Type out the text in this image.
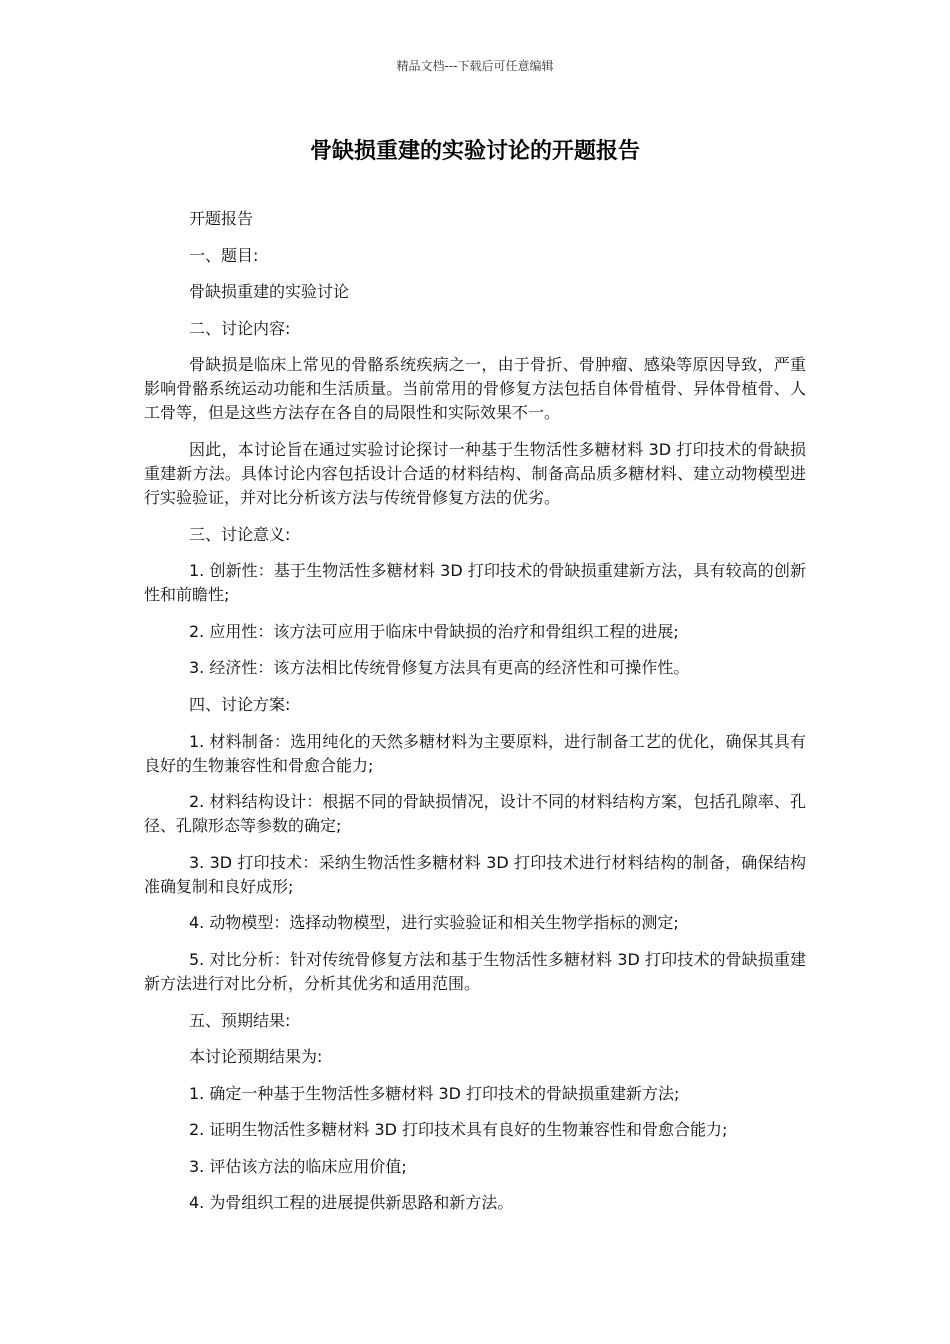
精品文档---下载后可任意编辑
骨缺损重建的实验讨论的开题报告

开题报告

一、题目:

骨缺损重建的实验讨论

二、讨论内容:

骨缺损是临床上常见的骨骼系统疾病之一，由于骨折、骨肿瘤、感染等原因导致，严重影响骨骼系统运动功能和生活质量。当前常用的骨修复方法包括自体骨植骨、异体骨植骨、人工骨等，但是这些方法存在各自的局限性和实际效果不一。

因此，本讨论旨在通过实验讨论探讨一种基于生物活性多糖材料 3D 打印技术的骨缺损重建新方法。具体讨论内容包括设计合适的材料结构、制备高品质多糖材料、建立动物模型进行实验验证，并对比分析该方法与传统骨修复方法的优劣。

三、讨论意义:

1. 创新性：基于生物活性多糖材料 3D 打印技术的骨缺损重建新方法，具有较高的创新性和前瞻性;

2. 应用性：该方法可应用于临床中骨缺损的治疗和骨组织工程的进展;

3. 经济性：该方法相比传统骨修复方法具有更高的经济性和可操作性。

四、讨论方案:

1. 材料制备：选用纯化的天然多糖材料为主要原料，进行制备工艺的优化，确保其具有良好的生物兼容性和骨愈合能力;

2. 材料结构设计：根据不同的骨缺损情况，设计不同的材料结构方案，包括孔隙率、孔径、孔隙形态等参数的确定;

3. 3D 打印技术：采纳生物活性多糖材料 3D 打印技术进行材料结构的制备，确保结构准确复制和良好成形;

4. 动物模型：选择动物模型，进行实验验证和相关生物学指标的测定;

5. 对比分析：针对传统骨修复方法和基于生物活性多糖材料 3D 打印技术的骨缺损重建新方法进行对比分析，分析其优劣和适用范围。

五、预期结果:

本讨论预期结果为:

1. 确定一种基于生物活性多糖材料 3D 打印技术的骨缺损重建新方法;

2. 证明生物活性多糖材料 3D 打印技术具有良好的生物兼容性和骨愈合能力;

3. 评估该方法的临床应用价值;

4. 为骨组织工程的进展提供新思路和新方法。
